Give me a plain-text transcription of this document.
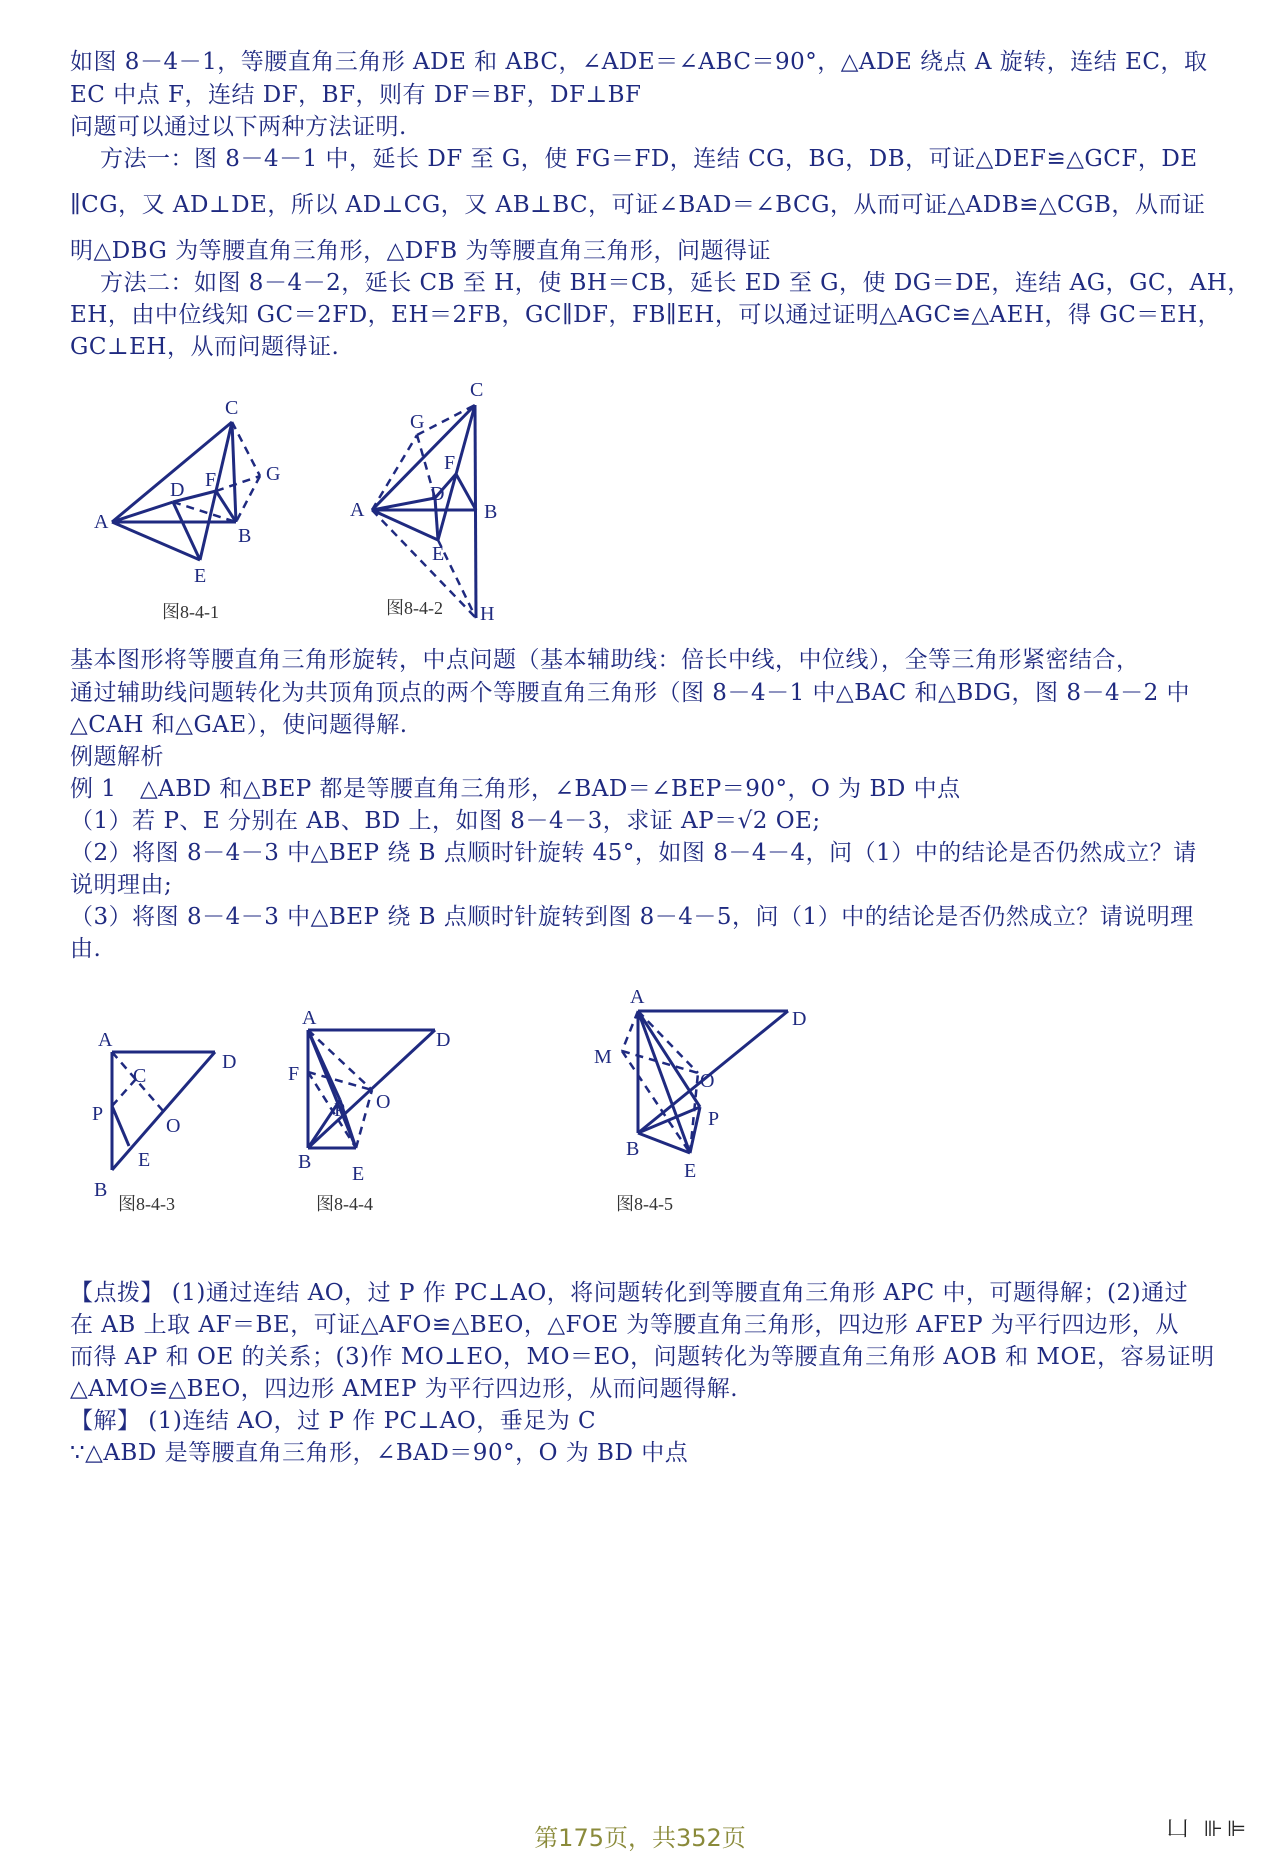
如图 8－4－1，等腰直角三角形 ADE 和 ABC，∠ADE＝∠ABC＝90°，△ADE 绕点 A 旋转，连结 EC，取
EC 中点 F，连结 DF，BF，则有 DF＝BF，DF⊥BF
问题可以通过以下两种方法证明.
方法一：图 8－4－1 中，延长 DF 至 G，使 FG＝FD，连结 CG，BG，DB，可证△DEF≌△GCF，DE
∥CG，又 AD⊥DE，所以 AD⊥CG，又 AB⊥BC，可证∠BAD＝∠BCG，从而可证△ADB≌△CGB，从而证
明△DBG 为等腰直角三角形，△DFB 为等腰直角三角形，问题得证
方法二：如图 8－4－2，延长 CB 至 H，使 BH＝CB，延长 ED 至 G，使 DG＝DE，连结 AG，GC，AH，
EH，由中位线知 GC＝2FD，EH＝2FB，GC∥DF，FB∥EH，可以通过证明△AGC≌△AEH，得 GC＝EH，
GC⊥EH，从而问题得证.
C
G
F
D
A
B
E
图8-4-1
C
G
F
D
A	B
E
H
图8-4-2
基本图形将等腰直角三角形旋转，中点问题（基本辅助线：倍长中线，中位线），全等三角形紧密结合，
通过辅助线问题转化为共顶角顶点的两个等腰直角三角形（图 8－4－1 中△BAC 和△BDG，图 8－4－2 中
△CAH 和△GAE），使问题得解.
例题解析
例 1　△ABD 和△BEP 都是等腰直角三角形，∠BAD＝∠BEP＝90°，O 为 BD 中点
（1）若 P、E 分别在 AB、BD 上，如图 8－4－3，求证 AP＝√2 OE;
（2）将图 8－4－3 中△BEP 绕 B 点顺时针旋转 45°，如图 8－4－4，问（1）中的结论是否仍然成立？请
说明理由;
（3）将图 8－4－3 中△BEP 绕 B 点顺时针旋转到图 8－4－5，问（1）中的结论是否仍然成立？请说明理
由.
A
D
C
P
O
E
B
图8-4-3
A
D
F
O
P
B
E
图8-4-4
A
D
M
O
P
B
E
图8-4-5
【点拨】 (1)通过连结 AO，过 P 作 PC⊥AO，将问题转化到等腰直角三角形 APC 中，可题得解；(2)通过
在 AB 上取 AF＝BE，可证△AFO≌△BEO，△FOE 为等腰直角三角形，四边形 AFEP 为平行四边形，从
而得 AP 和 OE 的关系；(3)作 MO⊥EO，MO＝EO，问题转化为等腰直角三角形 AOB 和 MOE，容易证明
△AMO≌△BEO，四边形 AMEP 为平行四边形，从而问题得解.
【解】 (1)连结 AO，过 P 作 PC⊥AO，垂足为 C
∵△ABD 是等腰直角三角形，∠BAD＝90°，O 为 BD 中点
第175页，共352页	凵 ⊪⊫
